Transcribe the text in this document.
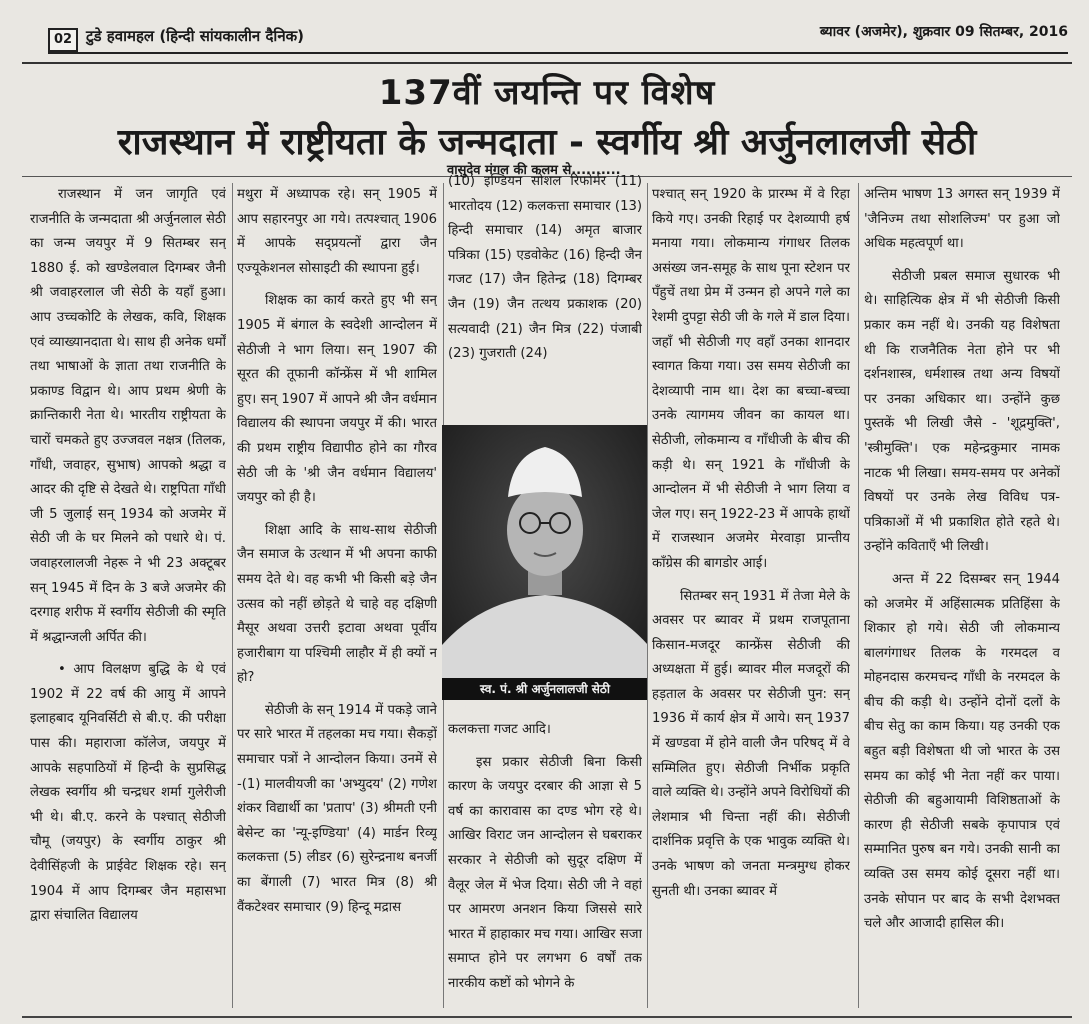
02 टुडे हवामहल (हिन्दी सांयकालीन दैनिक)	ब्यावर (अजमेर), शुक्रवार 09 सितम्बर, 2016
137वीं जयन्ति पर विशेष
राजस्थान में राष्ट्रीयता के जन्मदाता - स्वर्गीय श्री अर्जुनलालजी सेठी
वासुदेव मंगल की कलम से..........

राजस्थान में जन जागृति एवं राजनीति के जन्मदाता श्री अर्जुनलाल सेठी का जन्म जयपुर में 9 सितम्बर सन् 1880 ई. को खण्डेलवाल दिगम्बर जैनी श्री जवाहरलाल जी सेठी के यहाँ हुआ। आप उच्चकोटि के लेखक, कवि, शिक्षक एवं व्याख्यानदाता थे। साथ ही अनेक धर्मों तथा भाषाओं के ज्ञाता तथा राजनीति के प्रकाण्ड विद्वान थे। आप प्रथम श्रेणी के क्रान्तिकारी नेता थे। भारतीय राष्ट्रीयता के चारों चमकते हुए उज्जवल नक्षत्र (तिलक, गाँधी, जवाहर, सुभाष) आपको श्रद्धा व आदर की दृष्टि से देखते थे। राष्ट्रपिता गाँधी जी 5 जुलाई सन् 1934 को अजमेर में सेठी जी के घर मिलने को पधारे थे। पं. जवाहरलालजी नेहरू ने भी 23 अक्टूबर सन् 1945 में दिन के 3 बजे अजमेर की दरगाह शरीफ में स्वर्गीय सेठीजी की स्मृति में श्रद्धान्जली अर्पित की।

• आप विलक्षण बुद्धि के थे एवं 1902 में 22 वर्ष की आयु में आपने इलाहबाद यूनिवर्सिटी से बी.ए. की परीक्षा पास की। महाराजा कॉलेज, जयपुर में आपके सहपाठियों में हिन्दी के सुप्रसिद्ध लेखक स्वर्गीय श्री चन्द्रधर शर्मा गुलेरीजी भी थे। बी.ए. करने के पश्चात् सेठीजी चौमू (जयपुर) के स्वर्गीय ठाकुर श्री देवीसिंहजी के प्राईवेट शिक्षक रहे। सन् 1904 में आप दिगम्बर जैन महासभा द्वारा संचालित विद्यालय

मथुरा में अध्यापक रहे। सन् 1905 में आप सहारनपुर आ गये। तत्पश्चात् 1906 में आपके सद्प्रयत्नों द्वारा जैन एज्यूकेशनल सोसाइटी की स्थापना हुई।

शिक्षक का कार्य करते हुए भी सन् 1905 में बंगाल के स्वदेशी आन्दोलन में सेठीजी ने भाग लिया। सन् 1907 की सूरत की तूफानी कॉन्फ्रेंस में भी शामिल हुए। सन् 1907 में आपने श्री जैन वर्धमान विद्यालय की स्थापना जयपुर में की। भारत की प्रथम राष्ट्रीय विद्यापीठ होने का गौरव सेठी जी के 'श्री जैन वर्धमान विद्यालय' जयपुर को ही है।

शिक्षा आदि के साथ-साथ सेठीजी जैन समाज के उत्थान में भी अपना काफी समय देते थे। वह कभी भी किसी बड़े जैन उत्सव को नहीं छोड़ते थे चाहे वह दक्षिणी मैसूर अथवा उत्तरी इटावा अथवा पूर्वीय हजारीबाग या पश्चिमी लाहौर में ही क्यों न हो?

सेठीजी के सन् 1914 में पकड़े जाने पर सारे भारत में तहलका मच गया। सैकड़ों समाचार पत्रों ने आन्दोलन किया। उनमें से -(1) मालवीयजी का 'अभ्युदय' (2) गणेश शंकर विद्यार्थी का 'प्रताप' (3) श्रीमती एनी बेसेन्ट का 'न्यू-इण्डिया' (4) मार्डन रिव्यू कलकत्ता (5) लीडर (6) सुरेन्द्रनाथ बनर्जी का बेंगाली (7) भारत मित्र (8) श्री वैंकटेश्वर समाचार (9) हिन्दू मद्रास

(10) इण्डियन सोशल रिफोर्मर (11) भारतोदय (12) कलकत्ता समाचार (13) हिन्दी समाचार (14) अमृत बाजार पत्रिका (15) एडवोकेट (16) हिन्दी जैन गजट (17) जैन हितेन्द्र (18) दिगम्बर जैन (19) जैन तत्थय प्रकाशक (20) सत्यवादी (21) जैन मित्र (22) पंजाबी (23) गुजराती (24)

स्व. पं. श्री अर्जुनलालजी सेठी

कलकत्ता गजट आदि।

इस प्रकार सेठीजी बिना किसी कारण के जयपुर दरबार की आज्ञा से 5 वर्ष का कारावास का दण्ड भोग रहे थे। आखिर विराट जन आन्दोलन से घबराकर सरकार ने सेठीजी को सुदूर दक्षिण में वैलूर जेल में भेज दिया। सेठी जी ने वहां पर आमरण अनशन किया जिससे सारे भारत में हाहाकार मच गया। आखिर सजा समाप्त होने पर लगभग 6 वर्षों तक नारकीय कष्टों को भोगने के

पश्चात् सन् 1920 के प्रारम्भ में वे रिहा किये गए। उनकी रिहाई पर देशव्यापी हर्ष मनाया गया। लोकमान्य गंगाधर तिलक असंख्य जन-समूह के साथ पूना स्टेशन पर पँहुचें तथा प्रेम में उन्मन हो अपने गले का रेशमी दुपट्टा सेठी जी के गले में डाल दिया। जहाँ भी सेठीजी गए वहाँ उनका शानदार स्वागत किया गया। उस समय सेठीजी का देशव्यापी नाम था। देश का बच्चा-बच्चा उनके त्यागमय जीवन का कायल था। सेठीजी, लोकमान्य व गाँधीजी के बीच की कड़ी थे। सन् 1921 के गाँधीजी के आन्दोलन में भी सेठीजी ने भाग लिया व जेल गए। सन् 1922-23 में आपके हाथों में राजस्थान अजमेर मेरवाड़ा प्रान्तीय कॉंग्रेस की बागडोर आई।

सितम्बर सन् 1931 में तेजा मेले के अवसर पर ब्यावर में प्रथम राजपूताना किसान-मजदूर कान्फ्रेंस सेठीजी की अध्यक्षता में हुई। ब्यावर मील मजदूरों की हड़ताल के अवसर पर सेठीजी पुन: सन् 1936 में कार्य क्षेत्र में आये। सन् 1937 में खण्डवा में होने वाली जैन परिषद् में वे सम्मिलित हुए। सेठीजी निर्भीक प्रकृति वाले व्यक्ति थे। उन्होंने अपने विरोधियों की लेशमात्र भी चिन्ता नहीं की। सेठीजी दार्शनिक प्रवृत्ति के एक भावुक व्यक्ति थे। उनके भाषण को जनता मन्त्रमुग्ध होकर सुनती थी। उनका ब्यावर में

अन्तिम भाषण 13 अगस्त सन् 1939 में 'जैनिज्म तथा सोशलिज्म' पर हुआ जो अधिक महत्वपूर्ण था।

सेठीजी प्रबल समाज सुधारक भी थे। साहित्यिक क्षेत्र में भी सेठीजी किसी प्रकार कम नहीं थे। उनकी यह विशेषता थी कि राजनैतिक नेता होने पर भी दर्शनशास्त्र, धर्मशास्त्र तथा अन्य विषयों पर उनका अधिकार था। उन्होंने कुछ पुस्तकें भी लिखी जैसे - 'शूद्रमुक्ति', 'स्त्रीमुक्ति'। एक महेन्द्रकुमार नामक नाटक भी लिखा। समय-समय पर अनेकों विषयों पर उनके लेख विविध पत्र-पत्रिकाओं में भी प्रकाशित होते रहते थे। उन्होंने कविताएँ भी लिखी।

अन्त में 22 दिसम्बर सन् 1944 को अजमेर में अहिंसात्मक प्रतिहिंसा के शिकार हो गये। सेठी जी लोकमान्य बालगंगाधर तिलक के गरमदल व मोहनदास करमचन्द गाँधी के नरमदल के बीच की कड़ी थे। उन्होंने दोनों दलों के बीच सेतु का काम किया। यह उनकी एक बहुत बड़ी विशेषता थी जो भारत के उस समय का कोई भी नेता नहीं कर पाया। सेठीजी की बहुआयामी विशिष्ठताओं के कारण ही सेठीजी सबके कृपापात्र एवं सम्मानित पुरुष बन गये। उनकी सानी का व्यक्ति उस समय कोई दूसरा नहीं था। उनके सोपान पर बाद के सभी देशभक्त चले और आजादी हासिल की।
